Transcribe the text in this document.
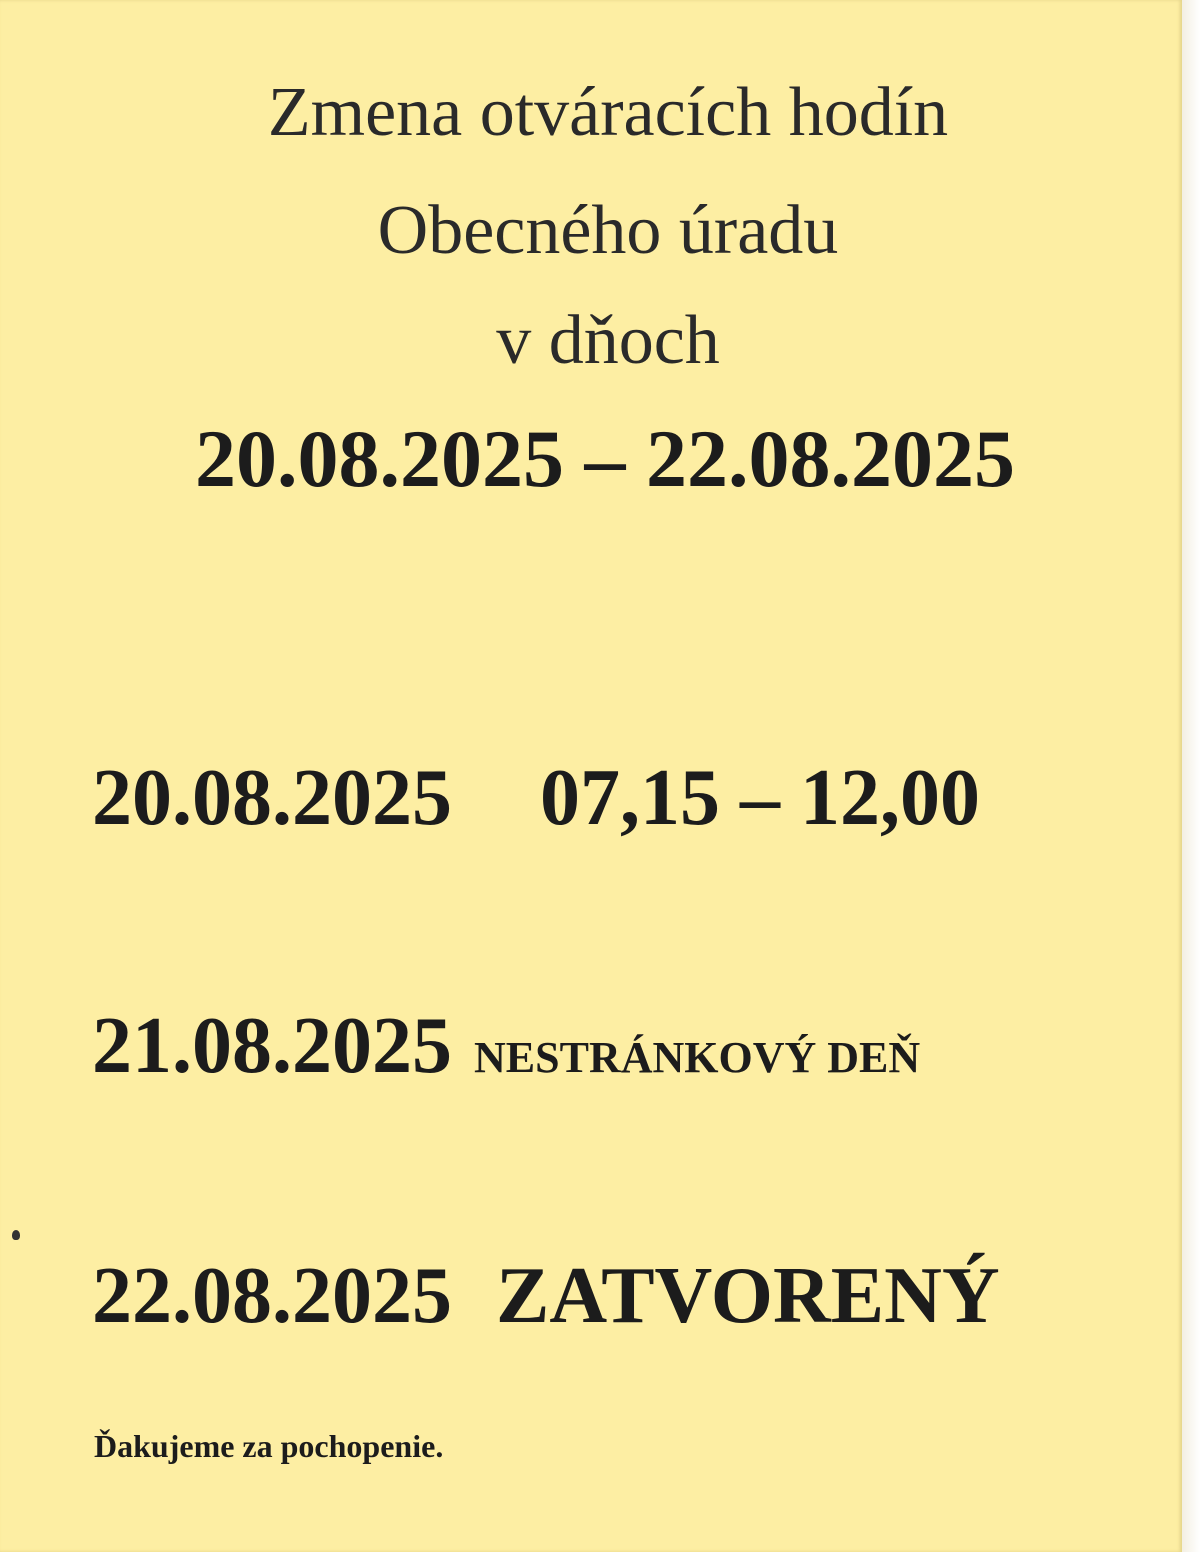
Zmena otváracích hodín
Obecného úradu
v dňoch
20.08.2025 – 22.08.2025
20.08.2025 07,15 – 12,00
21.08.2025 NESTRÁNKOVÝ DEŇ
22.08.2025 ZATVORENÝ
Ďakujeme za pochopenie.
